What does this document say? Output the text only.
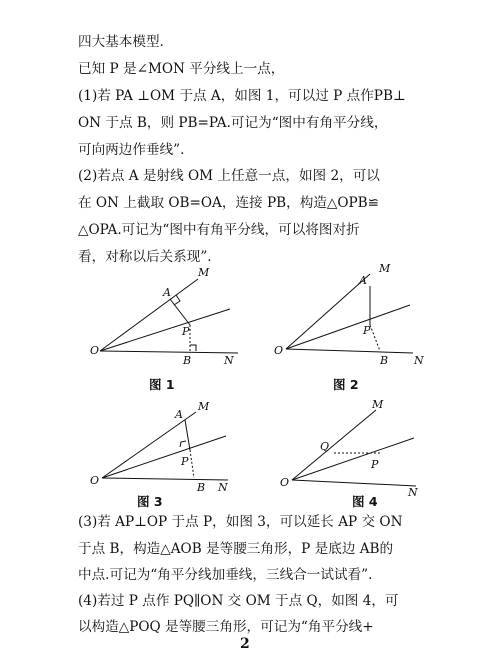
四大基本模型.
已知 P 是∠MON 平分线上一点，
(1)若 PA ⊥OM 于点 A，如图 1，可以过 P 点作PB⊥
ON 于点 B，则 PB=PA.可记为“图中有角平分线，
可向两边作垂线”.
(2)若点 A 是射线 OM 上任意一点，如图 2，可以
在 ON 上截取 OB=OA，连接 PB，构造△OPB≌
△OPA.可记为“图中有角平分线，可以将图对折
看，对称以后关系现”.
(3)若 AP⊥OP 于点 P，如图 3，可以延长 AP 交 ON
于点 B，构造△AOB 是等腰三角形，P 是底边 AB的
中点.可记为“角平分线加垂线，三线合一试试看”.
(4)若过 P 点作 PQ∥ON 交 OM 于点 Q，如图 4，可
以构造△POQ 是等腰三角形，可记为“角平分线+
M
A
P
O
B	N
图 1
M
A
P
O
B N
图 2
M
A
P
O
B N
图 3
M
Q
P
O
N
图 4
2
